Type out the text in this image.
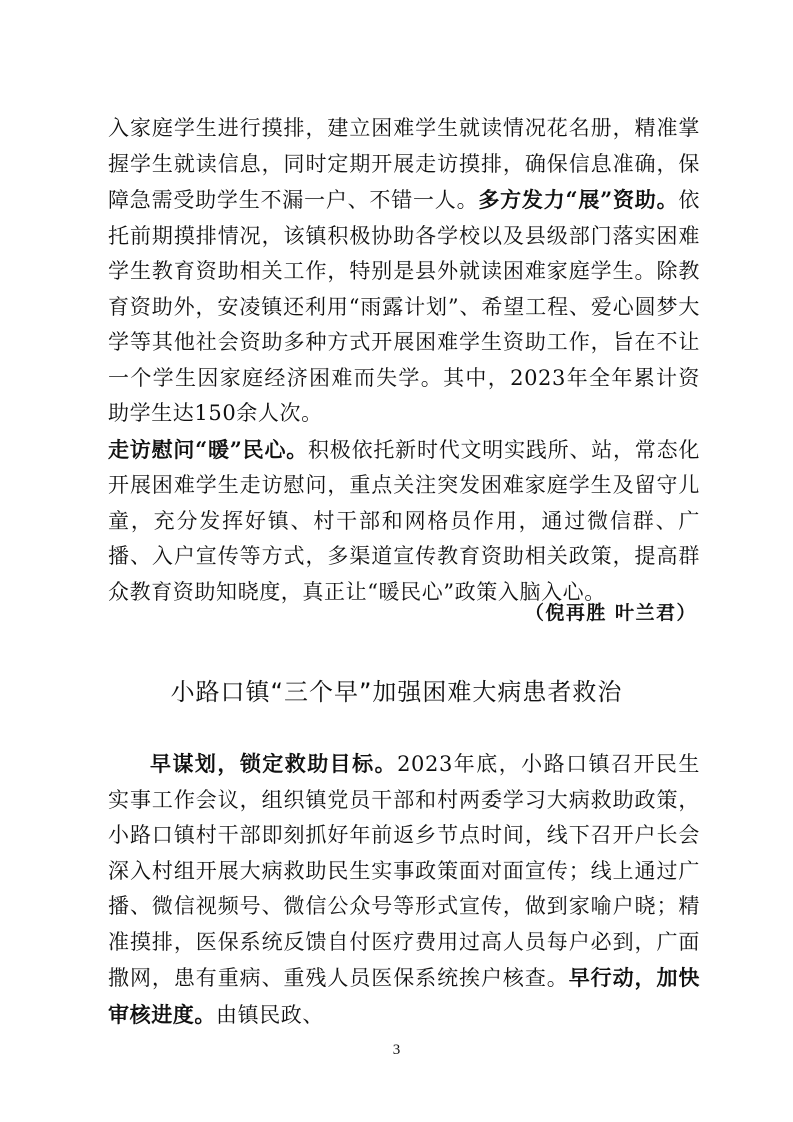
入家庭学生进行摸排，建立困难学生就读情况花名册，精准掌握学生就读信息，同时定期开展走访摸排，确保信息准确，保障急需受助学生不漏一户、不错一人。多方发力“展”资助。依托前期摸排情况，该镇积极协助各学校以及县级部门落实困难学生教育资助相关工作，特别是县外就读困难家庭学生。除教育资助外，安凌镇还利用“雨露计划”、希望工程、爱心圆梦大学等其他社会资助多种方式开展困难学生资助工作，旨在不让一个学生因家庭经济困难而失学。其中，2023年全年累计资助学生达150余人次。
走访慰问“暖”民心。积极依托新时代文明实践所、站，常态化开展困难学生走访慰问，重点关注突发困难家庭学生及留守儿童，充分发挥好镇、村干部和网格员作用，通过微信群、广播、入户宣传等方式，多渠道宣传教育资助相关政策，提高群众教育资助知晓度，真正让“暖民心”政策入脑入心。

（倪再胜 叶兰君）
小路口镇“三个早”加强困难大病患者救治

早谋划，锁定救助目标。2023年底，小路口镇召开民生实事工作会议，组织镇党员干部和村两委学习大病救助政策，小路口镇村干部即刻抓好年前返乡节点时间，线下召开户长会深入村组开展大病救助民生实事政策面对面宣传；线上通过广播、微信视频号、微信公众号等形式宣传，做到家喻户晓；精准摸排，医保系统反馈自付医疗费用过高人员每户必到，广面撒网，患有重病、重残人员医保系统挨户核查。早行动，加快审核进度。由镇民政、

3
